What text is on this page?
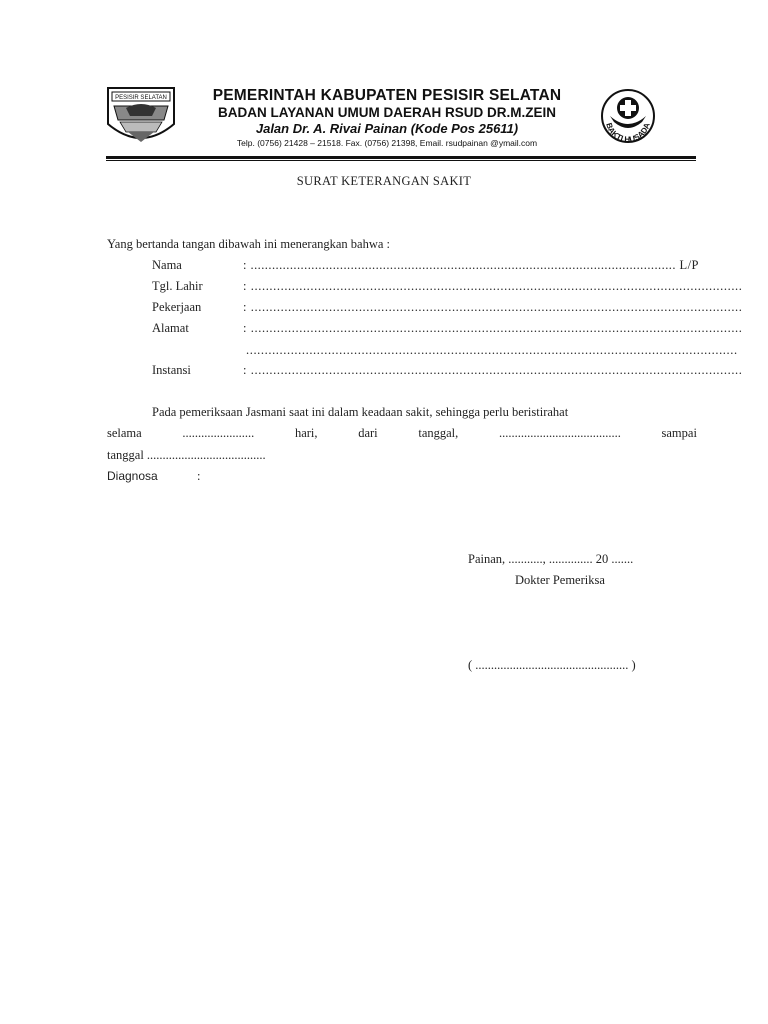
PESISIR SELATAN	PEMERINTAH KABUPATEN PESISIR SELATAN
BADAN LAYANAN UMUM DAERAH RSUD DR.M.ZEIN
Jalan Dr. A. Rivai Painan (Kode Pos 25611)
Telp. (0756) 21428 – 21518. Fax. (0756) 21398, Email. rsudpainan @ymail.com
BAKTI HUSADA
SURAT KETERANGAN SAKIT
Yang bertanda tangan dibawah ini menerangkan bahwa :
Nama	: ....................................................................................................................... L/P
Tgl. Lahir	: ....................................................................................................................................
Pekerjaan	: ....................................................................................................................................
Alamat	: ....................................................................................................................................
....................................................................................................................................
Instansi	: ....................................................................................................................................
Pada pemeriksaan Jasmani saat ini dalam keadaan sakit, sehingga perlu beristirahat
selama	.......................	hari,	dari	tanggal,	.......................................	sampai
tanggal ......................................
Diagnosa	:
Painan, ..........., .............. 20 .......
Dokter Pemeriksa
( ................................................. )
